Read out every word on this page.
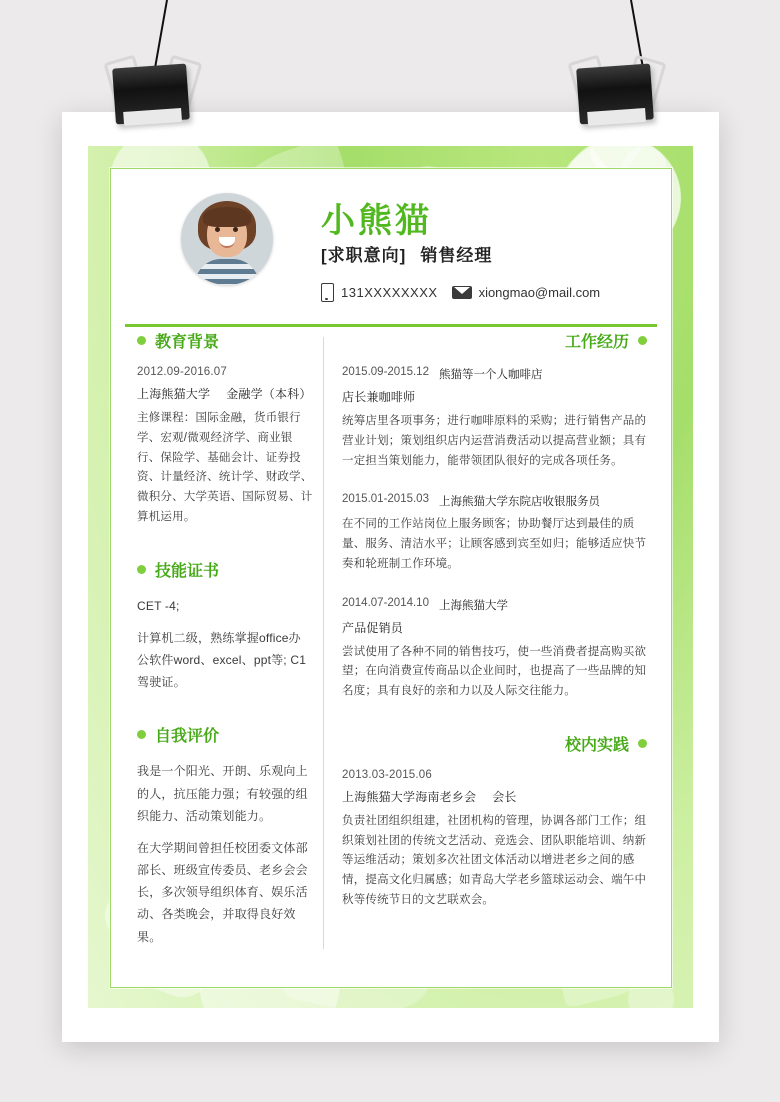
小熊猫
[求职意向] 销售经理
131XXXXXXXX	xiongmao@mail.com
教育背景
2012.09-2016.07
上海熊猫大学 金融学（本科）

主修课程：国际金融，货币银行学、宏观/微观经济学、商业银行、保险学、基础会计、证券投资、计量经济、统计学、财政学、微积分、大学英语、国际贸易、计算机运用。

技能证书

CET -4;

计算机二级，熟练掌握office办公软件word、excel、ppt等; C1驾驶证。

自我评价

我是一个阳光、开朗、乐观向上的人，抗压能力强；有较强的组织能力、活动策划能力。

在大学期间曾担任校团委文体部部长、班级宣传委员、老乡会会长，多次领导组织体育、娱乐活动、各类晚会，并取得良好效果。

工作经历
2015.09-2015.12 熊猫等一个人咖啡店
店长兼咖啡师

统筹店里各项事务；进行咖啡原料的采购；进行销售产品的营业计划；策划组织店内运营消费活动以提高营业额；具有一定担当策划能力，能带领团队很好的完成各项任务。

2015.01-2015.03 上海熊猫大学东院店收银服务员

在不同的工作站岗位上服务顾客；协助餐厅达到最佳的质量、服务、清洁水平；让顾客感到宾至如归；能够适应快节奏和轮班制工作环境。

2014.07-2014.10 上海熊猫大学
产品促销员

尝试使用了各种不同的销售技巧，使一些消费者提高购买欲望；在向消费宣传商品以企业间时，也提高了一些品牌的知名度；具有良好的亲和力以及人际交往能力。

校内实践
2013.03-2015.06
上海熊猫大学海南老乡会 会长

负责社团组织组建，社团机构的管理，协调各部门工作；组织策划社团的传统文艺活动、竞选会、团队职能培训、纳新等运维活动；策划多次社团文体活动以增进老乡之间的感情，提高文化归属感；如青岛大学老乡篮球运动会、端午中秋等传统节日的文艺联欢会。
